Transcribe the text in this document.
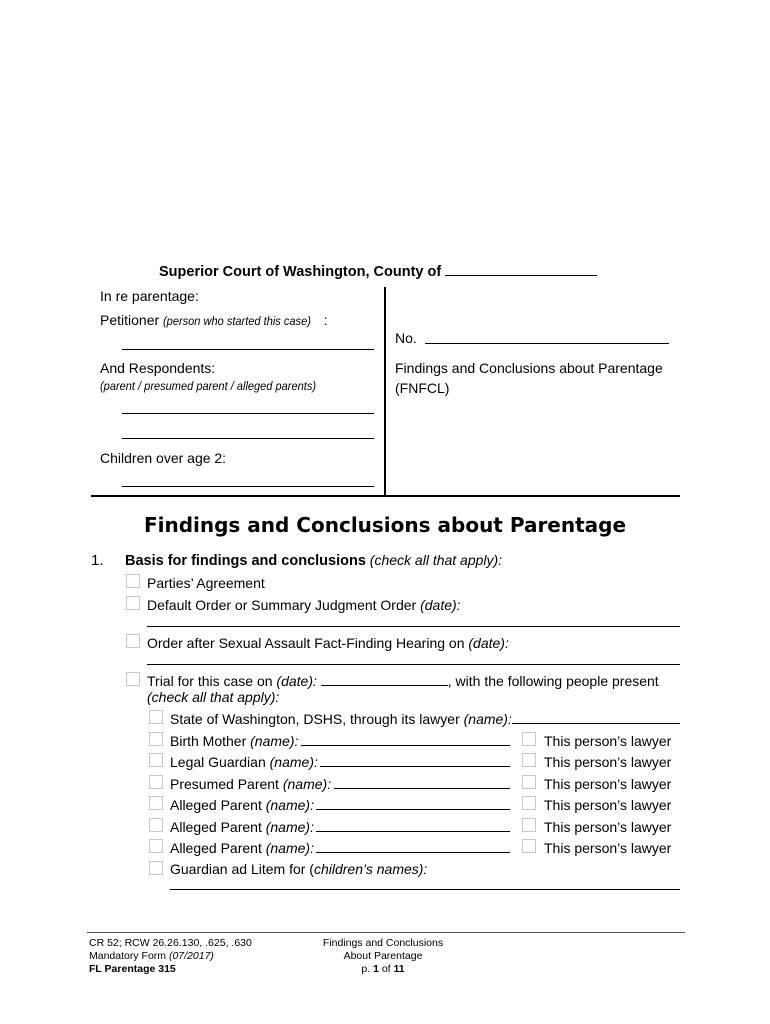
Superior Court of Washington, County of
In re parentage:
Petitioner (person who started this case) :
And Respondents:
(parent / presumed parent / alleged parents)
Children over age 2:
No.
Findings and Conclusions about Parentage
(FNFCL)
Findings and Conclusions about Parentage
1. Basis for findings and conclusions (check all that apply):
Parties’ Agreement
Default Order or Summary Judgment Order (date):
Order after Sexual Assault Fact-Finding Hearing on (date):
Trial for this case on (date):	, with the following people present
(check all that apply):
State of Washington, DSHS, through its lawyer (name):
Birth Mother (name):	This person’s lawyer
Legal Guardian (name):	This person’s lawyer
Presumed Parent (name):	This person’s lawyer
Alleged Parent (name):	This person’s lawyer
Alleged Parent (name):	This person’s lawyer
Alleged Parent (name):	This person’s lawyer
Guardian ad Litem for (children’s names):
CR 52; RCW 26.26.130, .625, .630
Mandatory Form (07/2017)
FL Parentage 315
Findings and Conclusions
About Parentage
p. 1 of 11
